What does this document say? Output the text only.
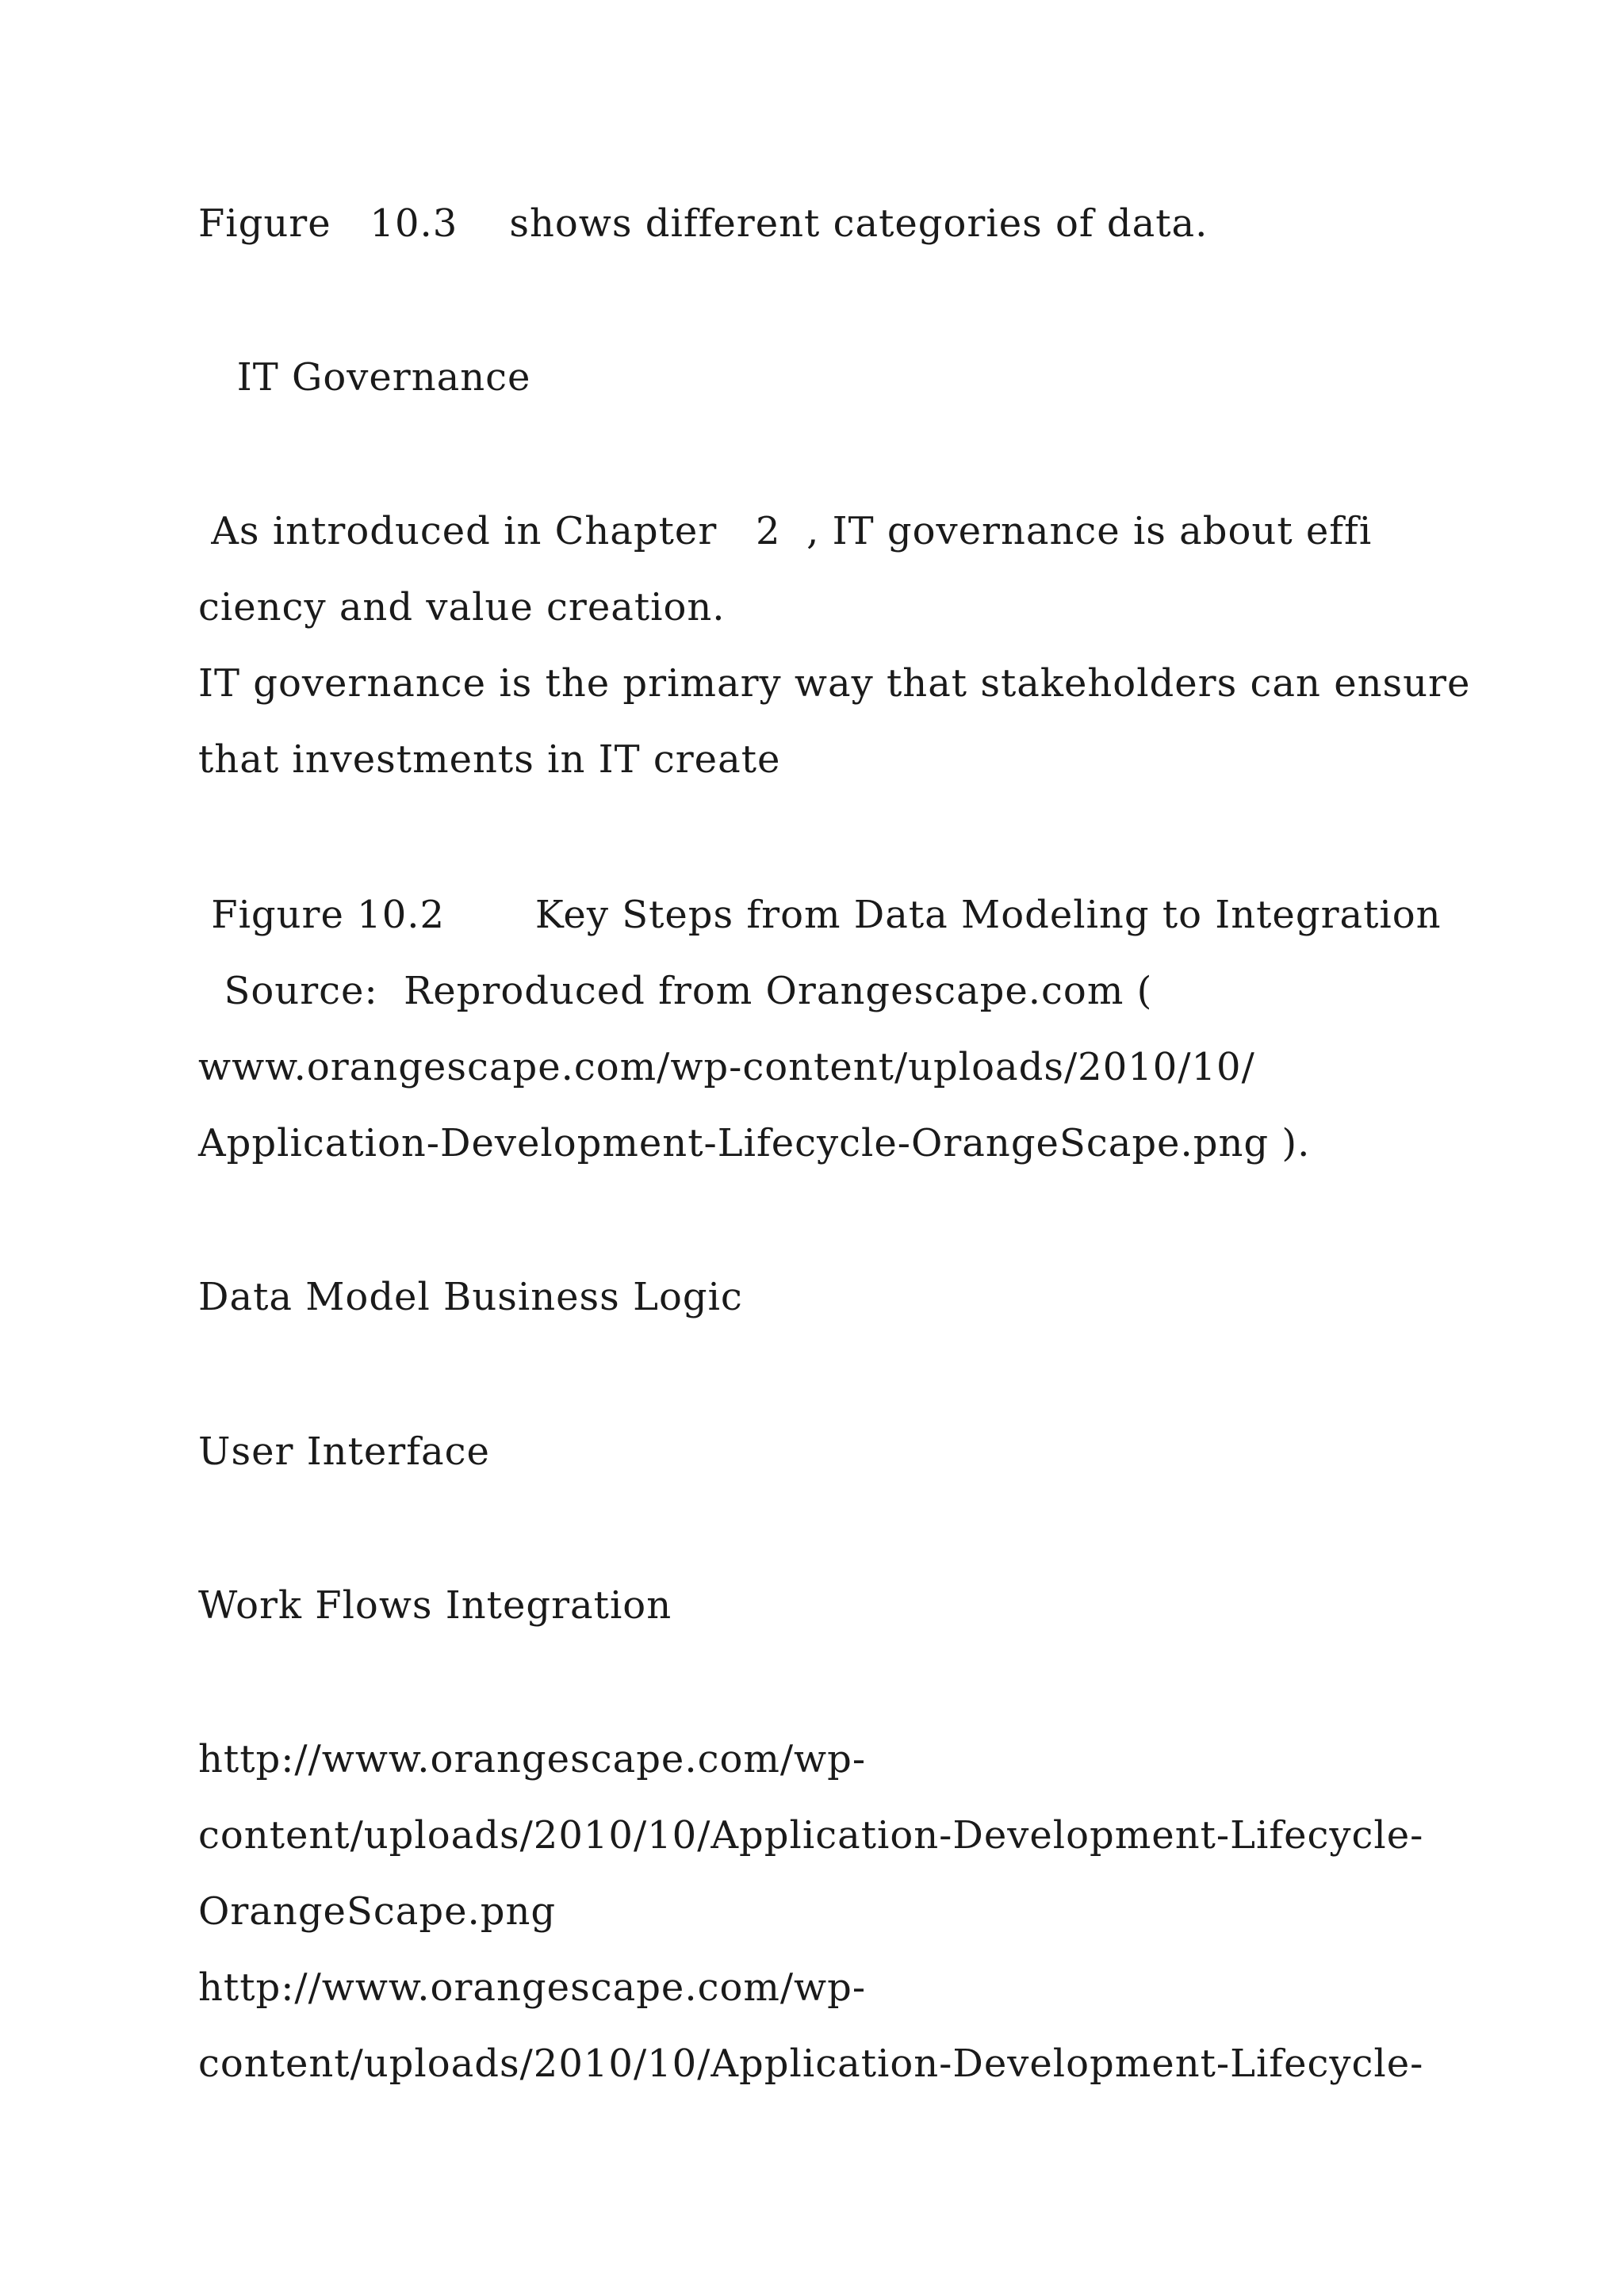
Figure   10.3    shows different categories of data.

IT Governance

As introduced in Chapter   2  , IT governance is about effi

ciency and value creation.

IT governance is the primary way that stakeholders can ensure

that investments in IT create

Figure 10.2       Key Steps from Data Modeling to Integration

Source:  Reproduced from Orangescape.com (

www.orangescape.com/wp-content/uploads/2010/10/

Application-Development-Lifecycle-OrangeScape.png ).

Data Model Business Logic

User Interface

Work Flows Integration

http://www.orangescape.com/wp-

content/uploads/2010/10/Application-Development-Lifecycle-

OrangeScape.png

http://www.orangescape.com/wp-

content/uploads/2010/10/Application-Development-Lifecycle-
